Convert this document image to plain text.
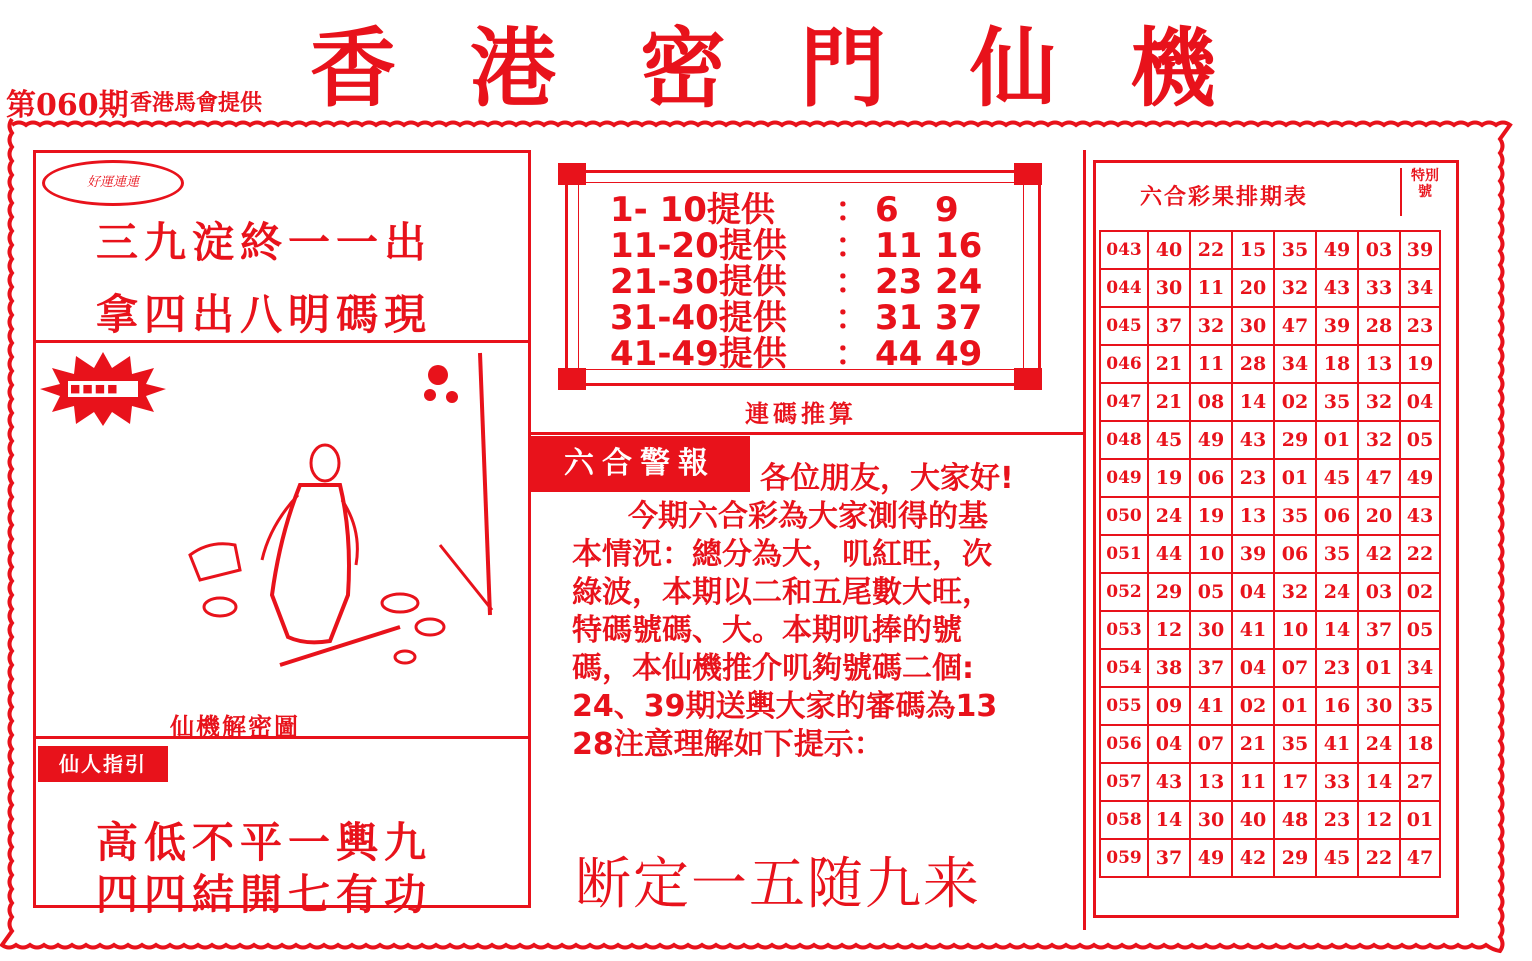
第060期 香港馬會提供 香 港 密 門 仙 機
好運連連
三九淀終一一出
拿四出八明碼現
■■■■
仙機解密圖
仙人指引
高低不平一輿九
四四結開七有功
1- 10提供 ： 6 9
11-20提供 ： 11 16
21-30提供 ： 23 24
31-40提供 ： 31 37
41-49提供 ： 44 49
連碼推算
六合警報	各位朋友，大家好!
今期六合彩為大家測得的基
本情況：總分為大，叽紅旺，次
綠波，本期以二和五尾數大旺，
特碼號碼、大。本期叽捧的號
碼，本仙機推介叽夠號碼二個:
24、39期送輿大家的審碼為13
28注意理解如下提示：
断定一五随九来
六合彩果排期表
特別號
043	40	22	15	35	49	03	39
044	30	11	20	32	43	33	34
045	37	32	30	47	39	28	23
046	21	11	28	34	18	13	19
047	21	08	14	02	35	32	04
048	45	49	43	29	01	32	05
049	19	06	23	01	45	47	49
050	24	19	13	35	06	20	43
051	44	10	39	06	35	42	22
052	29	05	04	32	24	03	02
053	12	30	41	10	14	37	05
054	38	37	04	07	23	01	34
055	09	41	02	01	16	30	35
056	04	07	21	35	41	24	18
057	43	13	11	17	33	14	27
058	14	30	40	48	23	12	01
059	37	49	42	29	45	22	47
